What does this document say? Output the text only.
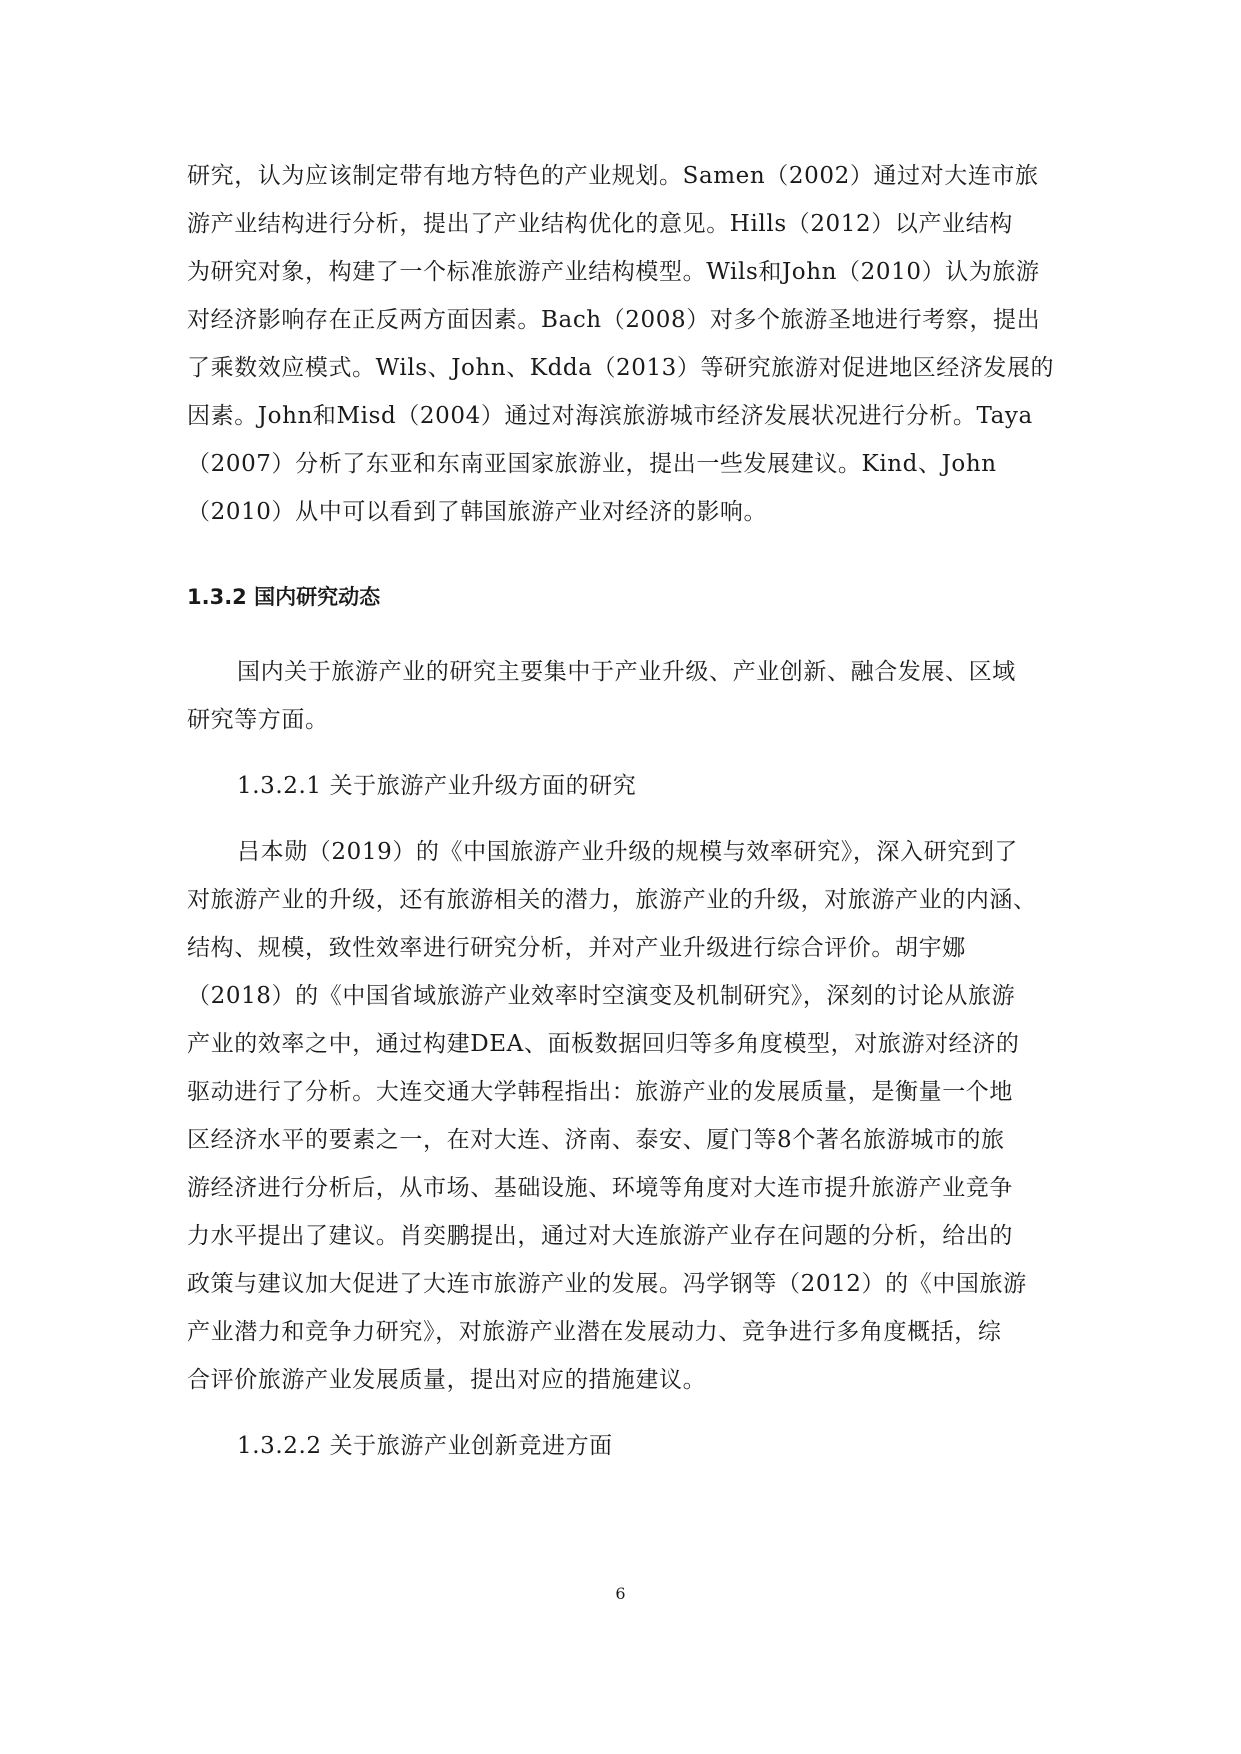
研究，认为应该制定带有地方特色的产业规划。Samen（2002）通过对大连市旅
游产业结构进行分析，提出了产业结构优化的意见。Hills（2012）以产业结构
为研究对象，构建了一个标准旅游产业结构模型。Wils和John（2010）认为旅游
对经济影响存在正反两方面因素。Bach（2008）对多个旅游圣地进行考察，提出
了乘数效应模式。Wils、John、Kdda（2013）等研究旅游对促进地区经济发展的
因素。John和Misd（2004）通过对海滨旅游城市经济发展状况进行分析。Taya
（2007）分析了东亚和东南亚国家旅游业，提出一些发展建议。Kind、John
（2010）从中可以看到了韩国旅游产业对经济的影响。
1.3.2 国内研究动态
国内关于旅游产业的研究主要集中于产业升级、产业创新、融合发展、区域
研究等方面。
1.3.2.1 关于旅游产业升级方面的研究
吕本勋（2019）的《中国旅游产业升级的规模与效率研究》，深入研究到了
对旅游产业的升级，还有旅游相关的潜力，旅游产业的升级，对旅游产业的内涵、
结构、规模，致性效率进行研究分析，并对产业升级进行综合评价。胡宇娜
（2018）的《中国省域旅游产业效率时空演变及机制研究》，深刻的讨论从旅游
产业的效率之中，通过构建DEA、面板数据回归等多角度模型，对旅游对经济的
驱动进行了分析。大连交通大学韩程指出：旅游产业的发展质量，是衡量一个地
区经济水平的要素之一，在对大连、济南、泰安、厦门等8个著名旅游城市的旅
游经济进行分析后，从市场、基础设施、环境等角度对大连市提升旅游产业竞争
力水平提出了建议。肖奕鹏提出，通过对大连旅游产业存在问题的分析，给出的
政策与建议加大促进了大连市旅游产业的发展。冯学钢等（2012）的《中国旅游
产业潜力和竞争力研究》，对旅游产业潜在发展动力、竞争进行多角度概括，综
合评价旅游产业发展质量，提出对应的措施建议。
1.3.2.2 关于旅游产业创新竞进方面
6
